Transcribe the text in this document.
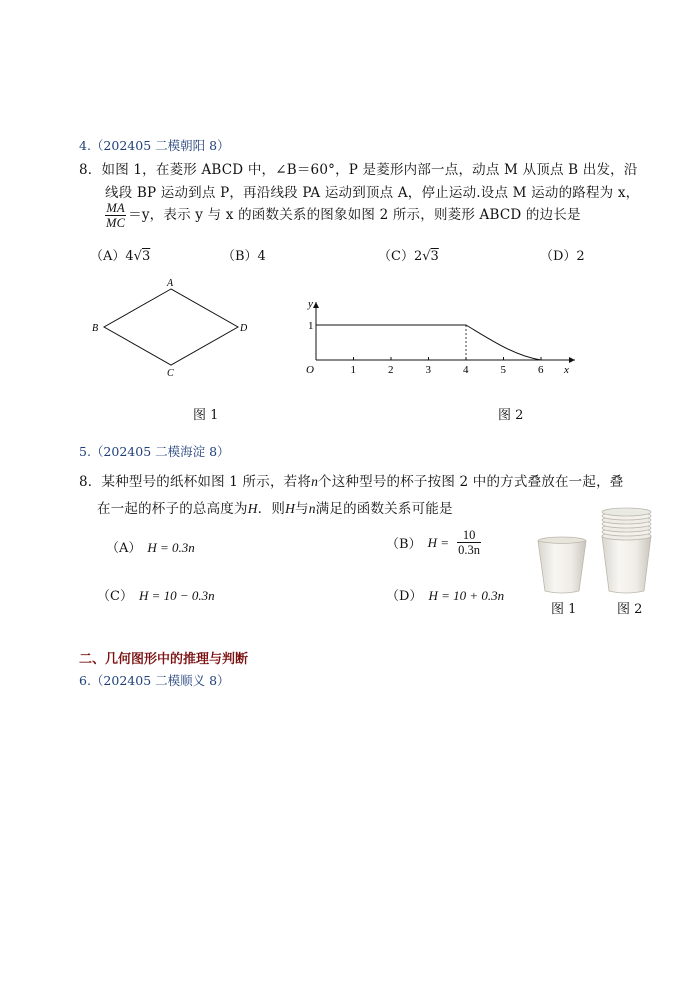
4.（202405 二模朝阳 8）
8．如图 1，在菱形 ABCD 中，∠B＝60°，P 是菱形内部一点，动点 M 从顶点 B 出发，沿
线段 BP 运动到点 P，再沿线段 PA 运动到顶点 A，停止运动.设点 M 运动的路程为 x，
$\frac{MA}{MC} =y$，表示 y 与 x 的函数关系的图象如图 2 所示，则菱形 ABCD 的边长是
（A）4√3	（B）4	（C）2√3	（D）2
A
B
C
D
图 1
y
x
O
1
1	2	3	4	5	6
图 2
5.（202405 二模海淀 8）
8．某种型号的纸杯如图 1 所示，若将n个这种型号的杯子按图 2 中的方式叠放在一起，叠
在一起的杯子的总高度为H．则H与n满足的函数关系可能是
（A） H = 0.3n	（B） $H = \frac{10}{0.3n}$
（C） H = 10 − 0.3n	（D） H = 10 + 0.3n
图 1	图 2
二、几何图形中的推理与判断
6.（202405 二模顺义 8）
